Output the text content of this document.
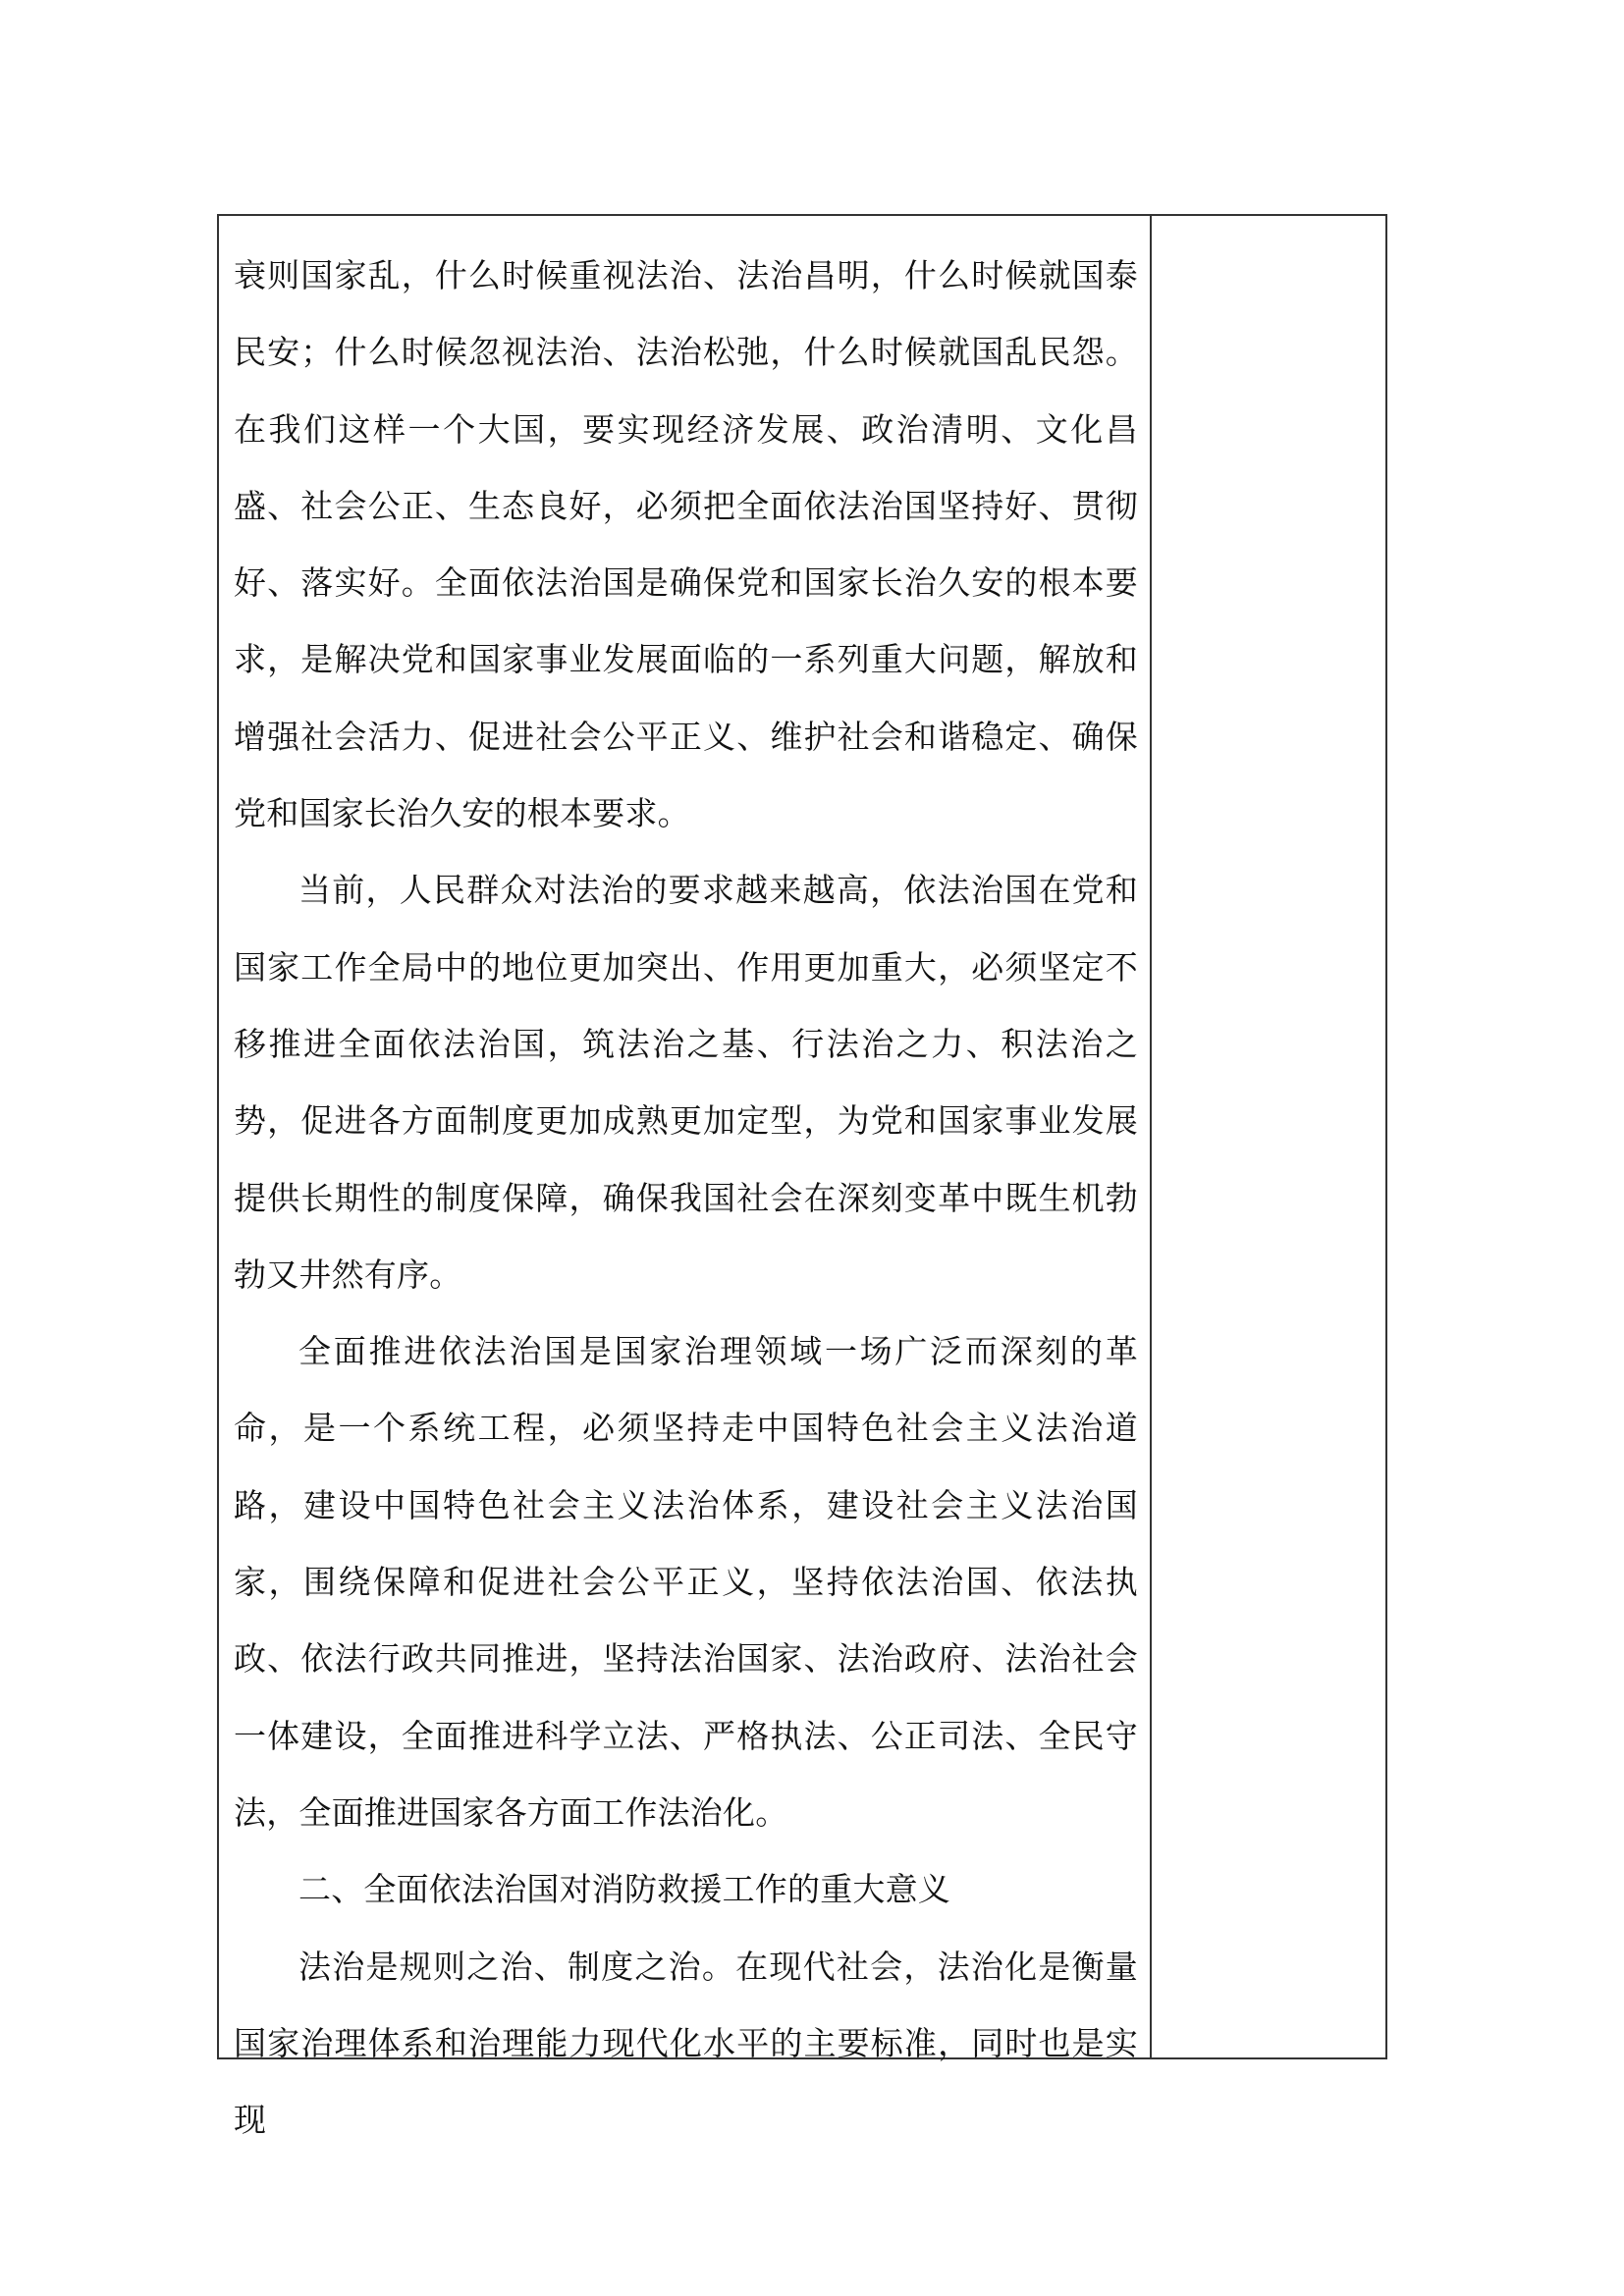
衰则国家乱，什么时候重视法治、法治昌明，什么时候就国泰民安；什么时候忽视法治、法治松弛，什么时候就国乱民怨。在我们这样一个大国，要实现经济发展、政治清明、文化昌盛、社会公正、生态良好，必须把全面依法治国坚持好、贯彻好、落实好。全面依法治国是确保党和国家长治久安的根本要求，是解决党和国家事业发展面临的一系列重大问题，解放和增强社会活力、促进社会公平正义、维护社会和谐稳定、确保党和国家长治久安的根本要求。

当前，人民群众对法治的要求越来越高，依法治国在党和国家工作全局中的地位更加突出、作用更加重大，必须坚定不移推进全面依法治国，筑法治之基、行法治之力、积法治之势，促进各方面制度更加成熟更加定型，为党和国家事业发展提供长期性的制度保障，确保我国社会在深刻变革中既生机勃勃又井然有序。

全面推进依法治国是国家治理领域一场广泛而深刻的革命，是一个系统工程，必须坚持走中国特色社会主义法治道路，建设中国特色社会主义法治体系，建设社会主义法治国家，围绕保障和促进社会公平正义，坚持依法治国、依法执政、依法行政共同推进，坚持法治国家、法治政府、法治社会一体建设，全面推进科学立法、严格执法、公正司法、全民守法，全面推进国家各方面工作法治化。

二、全面依法治国对消防救援工作的重大意义

法治是规则之治、制度之治。在现代社会，法治化是衡量国家治理体系和治理能力现代化水平的主要标准，同时也是实现
